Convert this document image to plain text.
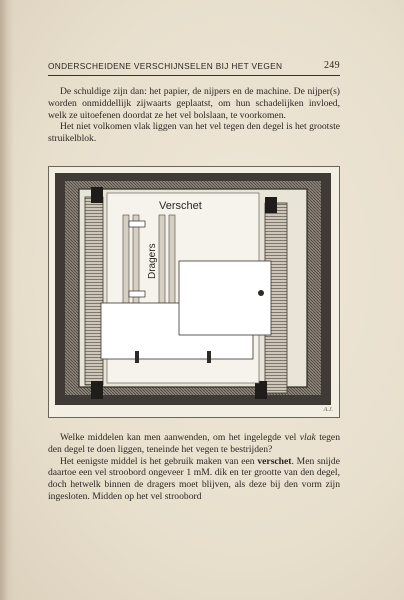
ONDERSCHEIDENE VERSCHIJNSELEN BIJ HET VEGEN	249

De schuldige zijn dan: het papier, de nijpers en de machine. De nijper(s) worden onmiddellijk zijwaarts geplaatst, om hun schadelijken invloed, welk ze uitoefenen doordat ze het vel bolslaan, te voorkomen.

Het niet volkomen vlak liggen van het vel tegen den degel is het grootste struikelblok.

Verschet
Dragers
A.J.

Welke middelen kan men aanwenden, om het ingelegde vel vlak tegen den degel te doen liggen, teneinde het vegen te bestrijden?

Het eenigste middel is het gebruik maken van een verschet. Men snijde daartoe een vel stroobord ongeveer 1 mM. dik en ter grootte van den degel, doch hetwelk binnen de dragers moet blijven, als deze bij den vorm zijn ingesloten. Midden op het vel stroobord
